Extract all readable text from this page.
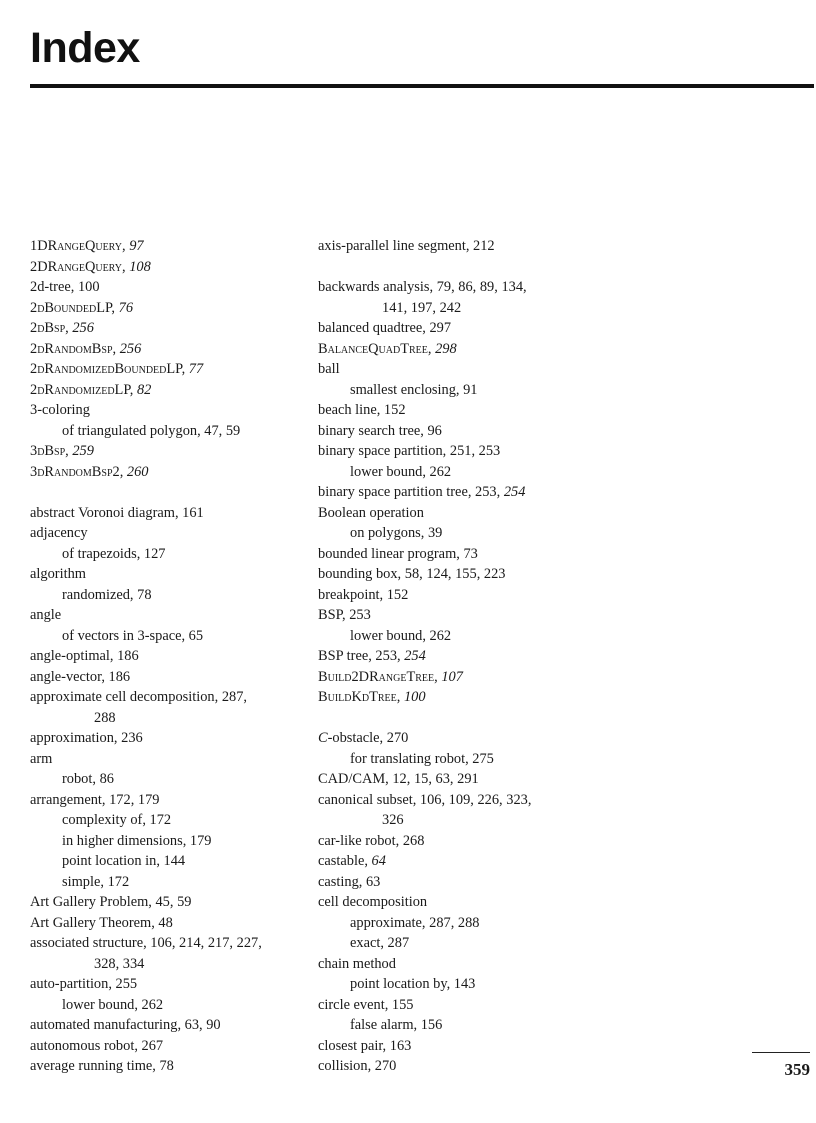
Index
1DRangeQuery, 97
2DRangeQuery, 108
2d-tree, 100
2dBoundedLP, 76
2dBsp, 256
2dRandomBsp, 256
2dRandomizedBoundedLP, 77
2dRandomizedLP, 82
3-coloring
of triangulated polygon, 47, 59
3dBsp, 259
3dRandomBsp2, 260
abstract Voronoi diagram, 161
adjacency
of trapezoids, 127
algorithm
randomized, 78
angle
of vectors in 3-space, 65
angle-optimal, 186
angle-vector, 186
approximate cell decomposition, 287,
288
approximation, 236
arm
robot, 86
arrangement, 172, 179
complexity of, 172
in higher dimensions, 179
point location in, 144
simple, 172
Art Gallery Problem, 45, 59
Art Gallery Theorem, 48
associated structure, 106, 214, 217, 227,
328, 334
auto-partition, 255
lower bound, 262
automated manufacturing, 63, 90
autonomous robot, 267
average running time, 78
axis-parallel line segment, 212
backwards analysis, 79, 86, 89, 134,
141, 197, 242
balanced quadtree, 297
BalanceQuadTree, 298
ball
smallest enclosing, 91
beach line, 152
binary search tree, 96
binary space partition, 251, 253
lower bound, 262
binary space partition tree, 253, 254
Boolean operation
on polygons, 39
bounded linear program, 73
bounding box, 58, 124, 155, 223
breakpoint, 152
BSP, 253
lower bound, 262
BSP tree, 253, 254
Build2DRangeTree, 107
BuildKdTree, 100
C-obstacle, 270
for translating robot, 275
CAD/CAM, 12, 15, 63, 291
canonical subset, 106, 109, 226, 323,
326
car-like robot, 268
castable, 64
casting, 63
cell decomposition
approximate, 287, 288
exact, 287
chain method
point location by, 143
circle event, 155
false alarm, 156
closest pair, 163
collision, 270	359
